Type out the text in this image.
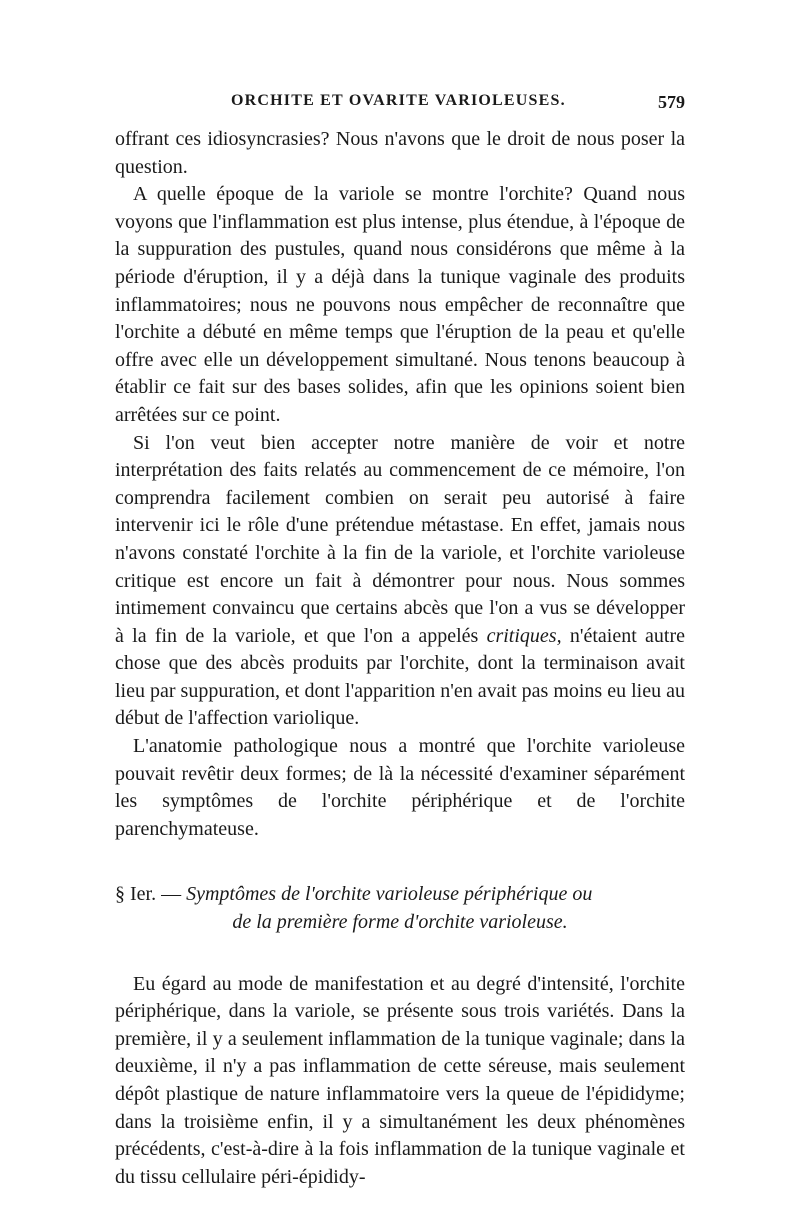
ORCHITE ET OVARITE VARIOLEUSES.	579

offrant ces idiosyncrasies? Nous n'avons que le droit de nous poser la question.

A quelle époque de la variole se montre l'orchite? Quand nous voyons que l'inflammation est plus intense, plus étendue, à l'époque de la suppuration des pustules, quand nous considérons que même à la période d'éruption, il y a déjà dans la tunique vaginale des produits inflammatoires; nous ne pouvons nous empêcher de reconnaître que l'orchite a débuté en même temps que l'éruption de la peau et qu'elle offre avec elle un développement simultané. Nous tenons beaucoup à établir ce fait sur des bases solides, afin que les opinions soient bien arrêtées sur ce point.

Si l'on veut bien accepter notre manière de voir et notre interprétation des faits relatés au commencement de ce mémoire, l'on comprendra facilement combien on serait peu autorisé à faire intervenir ici le rôle d'une prétendue métastase. En effet, jamais nous n'avons constaté l'orchite à la fin de la variole, et l'orchite varioleuse critique est encore un fait à démontrer pour nous. Nous sommes intimement convaincu que certains abcès que l'on a vus se développer à la fin de la variole, et que l'on a appelés critiques, n'étaient autre chose que des abcès produits par l'orchite, dont la terminaison avait lieu par suppuration, et dont l'apparition n'en avait pas moins eu lieu au début de l'affection variolique.

L'anatomie pathologique nous a montré que l'orchite varioleuse pouvait revêtir deux formes; de là la nécessité d'examiner séparément les symptômes de l'orchite périphérique et de l'orchite parenchymateuse.

§ Ier. — Symptômes de l'orchite varioleuse périphérique ou
de la première forme d'orchite varioleuse.

Eu égard au mode de manifestation et au degré d'intensité, l'orchite périphérique, dans la variole, se présente sous trois variétés. Dans la première, il y a seulement inflammation de la tunique vaginale; dans la deuxième, il n'y a pas inflammation de cette séreuse, mais seulement dépôt plastique de nature inflammatoire vers la queue de l'épididyme; dans la troisième enfin, il y a simultanément les deux phénomènes précédents, c'est-à-dire à la fois inflammation de la tunique vaginale et du tissu cellulaire péri-épididy-
